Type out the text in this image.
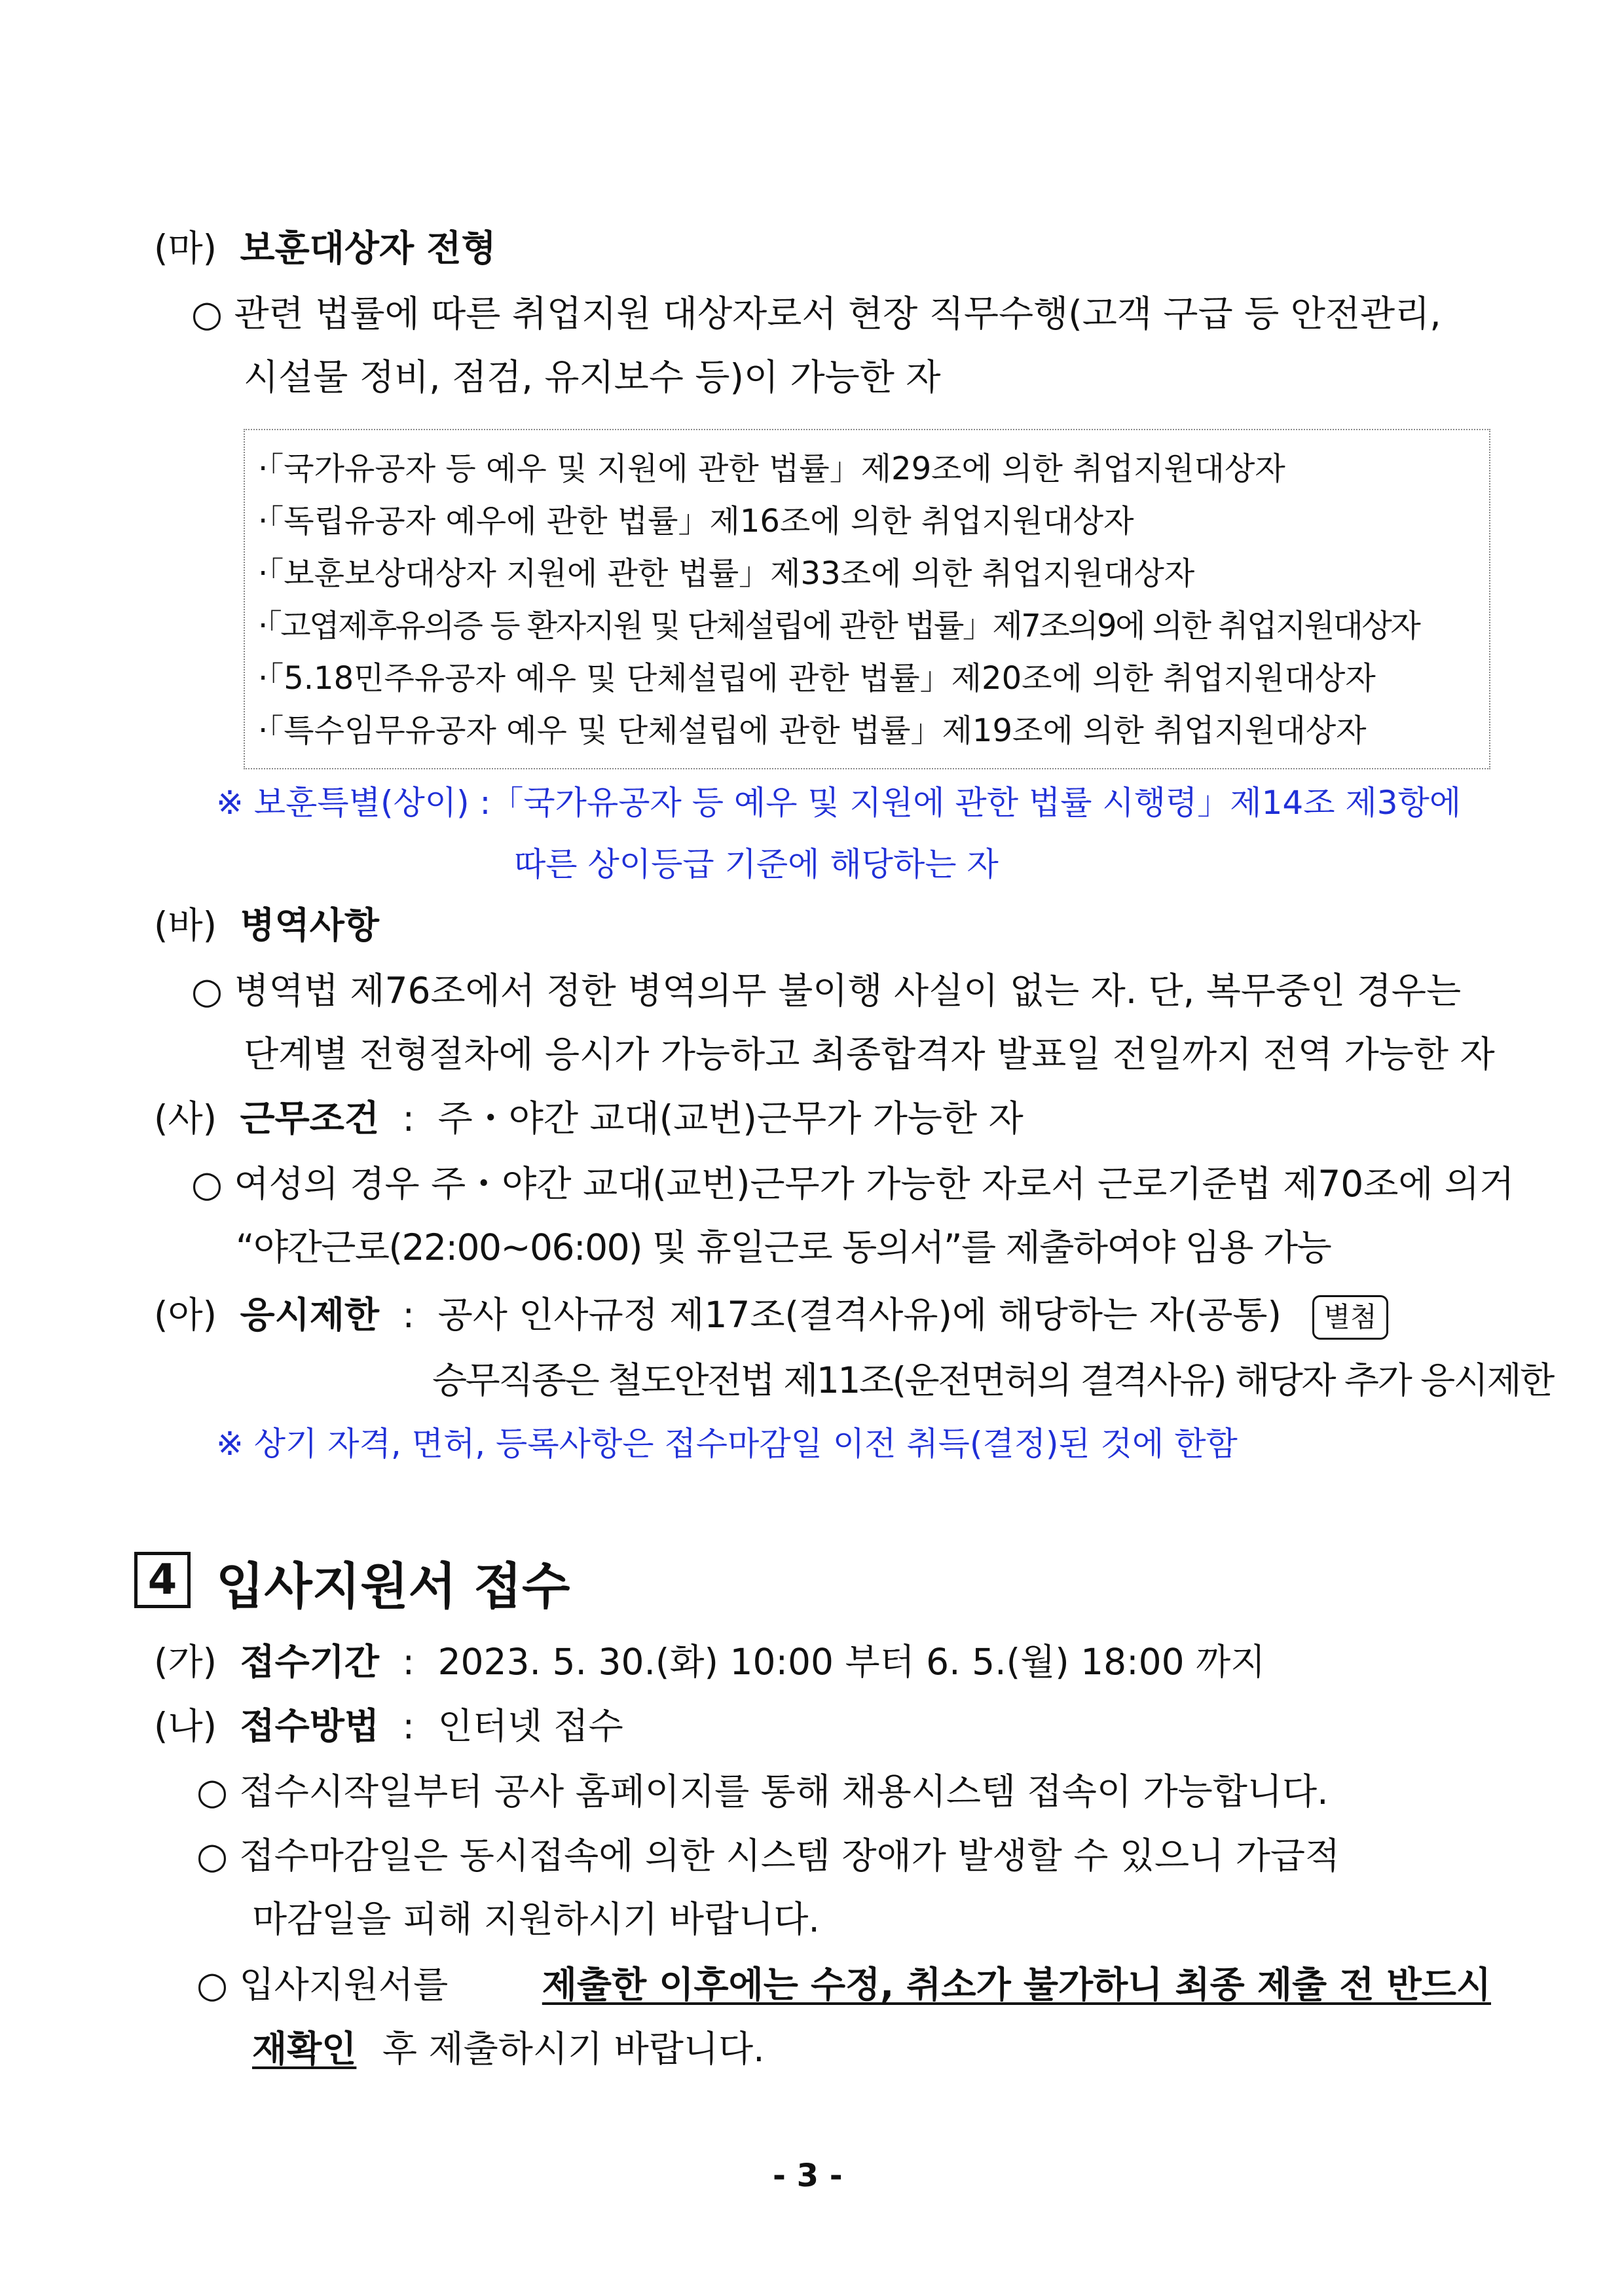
(마) 보훈대상자 전형
○ 관련 법률에 따른 취업지원 대상자로서 현장 직무수행(고객 구급 등 안전관리,
시설물 정비, 점검, 유지보수 등)이 가능한 자
·「국가유공자 등 예우 및 지원에 관한 법률」제29조에 의한 취업지원대상자
·「독립유공자 예우에 관한 법률」제16조에 의한 취업지원대상자
·「보훈보상대상자 지원에 관한 법률」제33조에 의한 취업지원대상자
·「고엽제후유의증 등 환자지원 및 단체설립에 관한 법률」제7조의9에 의한 취업지원대상자
·「5.18민주유공자 예우 및 단체설립에 관한 법률」제20조에 의한 취업지원대상자
·「특수임무유공자 예우 및 단체설립에 관한 법률」제19조에 의한 취업지원대상자
※ 보훈특별(상이) :「국가유공자 등 예우 및 지원에 관한 법률 시행령」제14조 제3항에
따른 상이등급 기준에 해당하는 자
(바) 병역사항
○ 병역법 제76조에서 정한 병역의무 불이행 사실이 없는 자. 단, 복무중인 경우는
단계별 전형절차에 응시가 가능하고 최종합격자 발표일 전일까지 전역 가능한 자
(사) 근무조건 : 주・야간 교대(교번)근무가 가능한 자
○ 여성의 경우 주・야간 교대(교번)근무가 가능한 자로서 근로기준법 제70조에 의거
“야간근로(22:00~06:00) 및 휴일근로 동의서”를 제출하여야 임용 가능
(아) 응시제한 : 공사 인사규정 제17조(결격사유)에 해당하는 자(공통) 별첨
승무직종은 철도안전법 제11조(운전면허의 결격사유) 해당자 추가 응시제한
※ 상기 자격, 면허, 등록사항은 접수마감일 이전 취득(결정)된 것에 한함
4 입사지원서 접수
(가) 접수기간 : 2023. 5. 30.(화) 10:00 부터 6. 5.(월) 18:00 까지
(나) 접수방법 : 인터넷 접수
○ 접수시작일부터 공사 홈페이지를 통해 채용시스템 접속이 가능합니다.
○ 접수마감일은 동시접속에 의한 시스템 장애가 발생할 수 있으니 가급적
마감일을 피해 지원하시기 바랍니다.
○ 입사지원서를	제출한 이후에는 수정, 취소가 불가하니 최종 제출 전 반드시
재확인 후 제출하시기 바랍니다.
- 3 -
